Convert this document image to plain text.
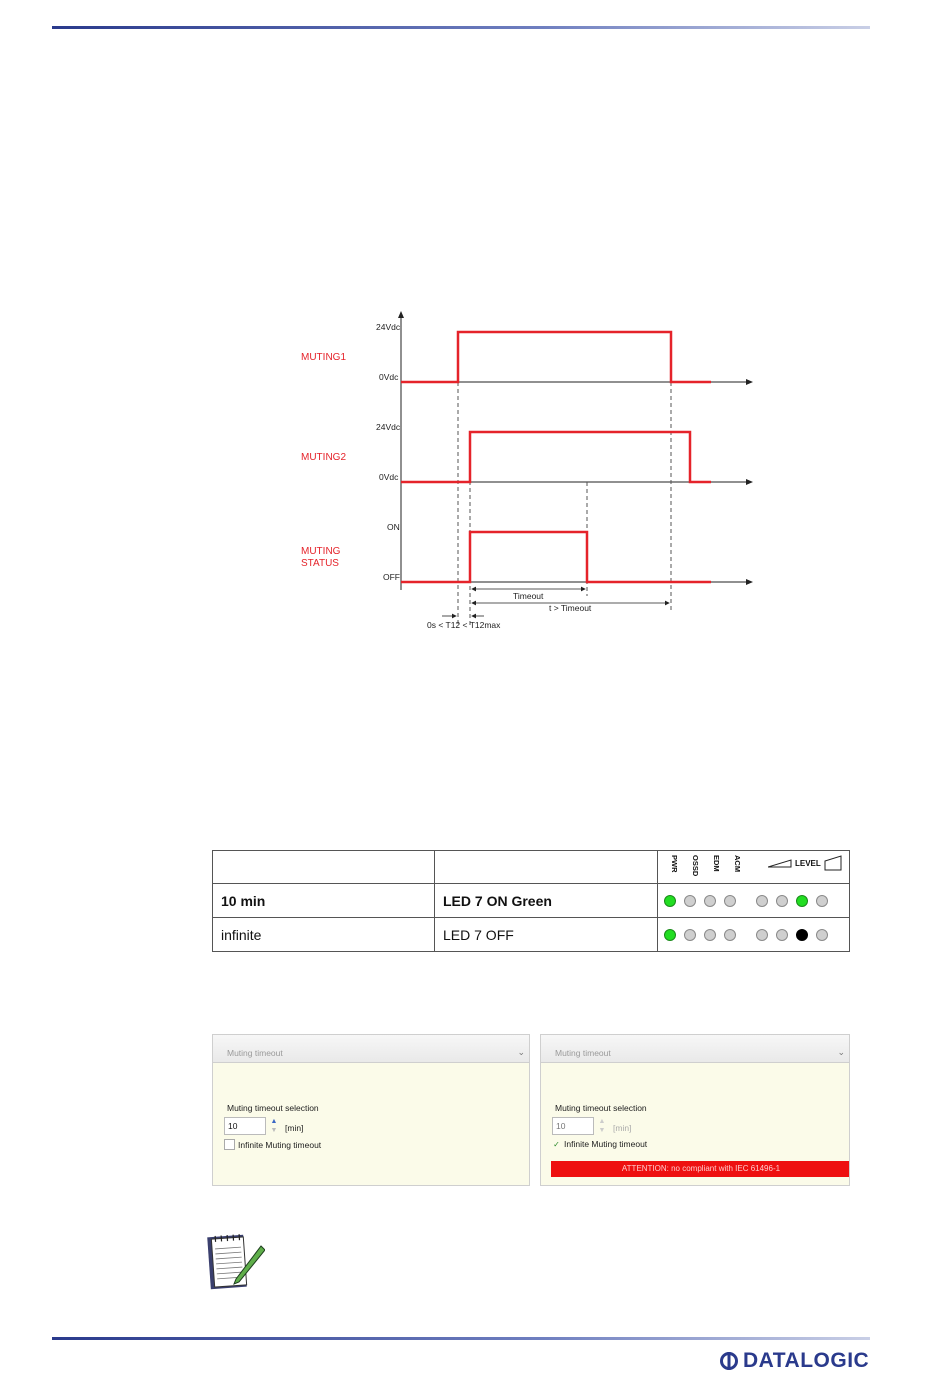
MUTING1
MUTING2
MUTING
STATUS
24Vdc
0Vdc
24Vdc
0Vdc
ON
OFF
Timeout
t > Timeout
0s < T12 < T12max

		PWR OSSD EDM ACM LEVEL

10 min	LED 7 ON Green	

infinite	LED 7 OFF	
Muting timeout	⌄
Muting timeout selection
10	▲
▼ [min]
Infinite Muting timeout
Muting timeout	⌄
Muting timeout selection
10	▲
▼ [min]
✓ Infinite Muting timeout
ATTENTION: no compliant with IEC 61496-1
DATALOGIC
